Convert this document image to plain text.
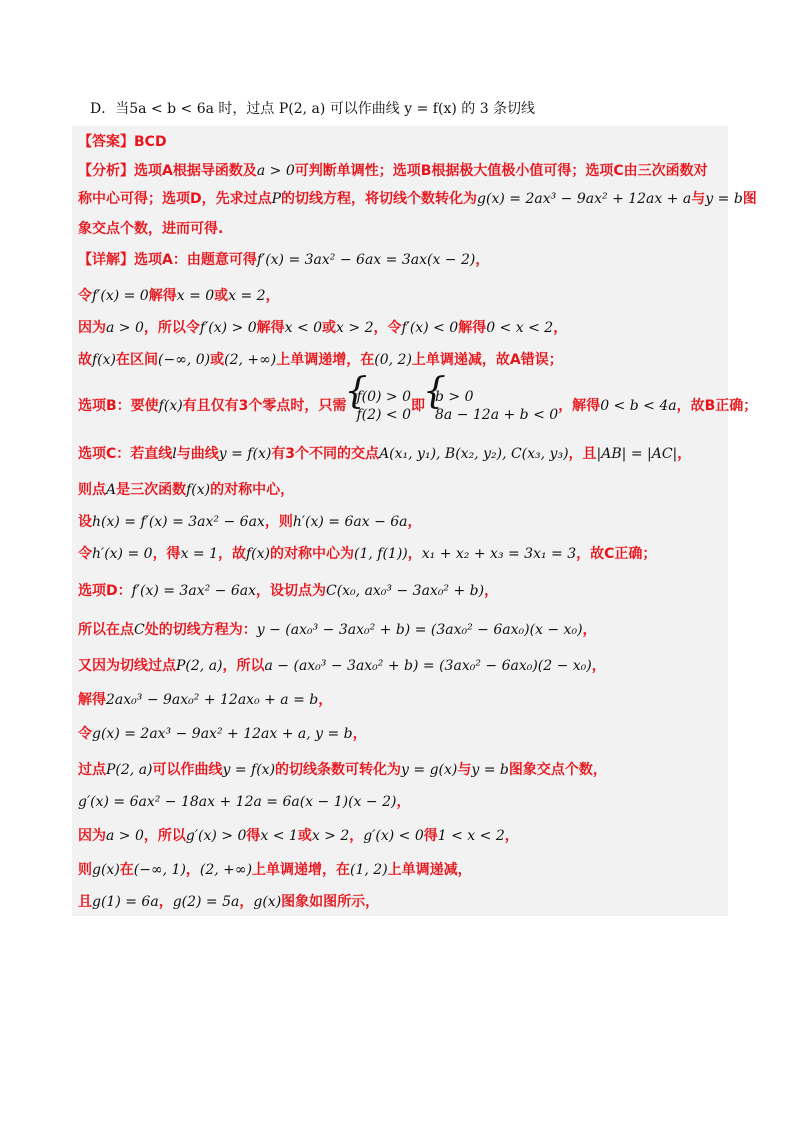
D．当5a < b < 6a 时，过点 P(2, a) 可以作曲线 y = f(x) 的 3 条切线
【答案】BCD
【分析】选项A根据导函数及a > 0可判断单调性；选项B根据极大值极小值可得；选项C由三次函数对
称中心可得；选项D，先求过点P的切线方程，将切线个数转化为g(x) = 2ax³ − 9ax² + 12ax + a与y = b图
象交点个数，进而可得.
【详解】选项A：由题意可得f′(x) = 3ax² − 6ax = 3ax(x − 2)，
令f′(x) = 0解得x = 0或x = 2，
因为a > 0，所以令f′(x) > 0解得x < 0或x > 2，令f′(x) < 0解得0 < x < 2，
故f(x)在区间(−∞, 0)或(2, +∞)上单调递增，在(0, 2)上单调递减，故A错误；
选项B：要使f(x)有且仅有3个零点时，只需
{ f(0) > 0
f(2) < 0
即
{ b > 0
8a − 12a + b < 0
，解得0 < b < 4a，故B正确；
选项C：若直线l与曲线y = f(x)有3个不同的交点A(x₁, y₁), B(x₂, y₂), C(x₃, y₃)，且|AB| = |AC|，
则点A是三次函数f(x)的对称中心，
设h(x) = f′(x) = 3ax² − 6ax，则h′(x) = 6ax − 6a，
令h′(x) = 0，得x = 1，故f(x)的对称中心为(1, f(1))，x₁ + x₂ + x₃ = 3x₁ = 3，故C正确；
选项D：f′(x) = 3ax² − 6ax，设切点为C(x₀, ax₀³ − 3ax₀² + b)，
所以在点C处的切线方程为：y − (ax₀³ − 3ax₀² + b) = (3ax₀² − 6ax₀)(x − x₀)，
又因为切线过点P(2, a)，所以a − (ax₀³ − 3ax₀² + b) = (3ax₀² − 6ax₀)(2 − x₀)，
解得2ax₀³ − 9ax₀² + 12ax₀ + a = b，
令g(x) = 2ax³ − 9ax² + 12ax + a, y = b，
过点P(2, a)可以作曲线y = f(x)的切线条数可转化为y = g(x)与y = b图象交点个数，
g′(x) = 6ax² − 18ax + 12a = 6a(x − 1)(x − 2)，
因为a > 0，所以g′(x) > 0得x < 1或x > 2，g′(x) < 0得1 < x < 2，
则g(x)在(−∞, 1)，(2, +∞)上单调递增，在(1, 2)上单调递减，
且g(1) = 6a，g(2) = 5a，g(x)图象如图所示，
